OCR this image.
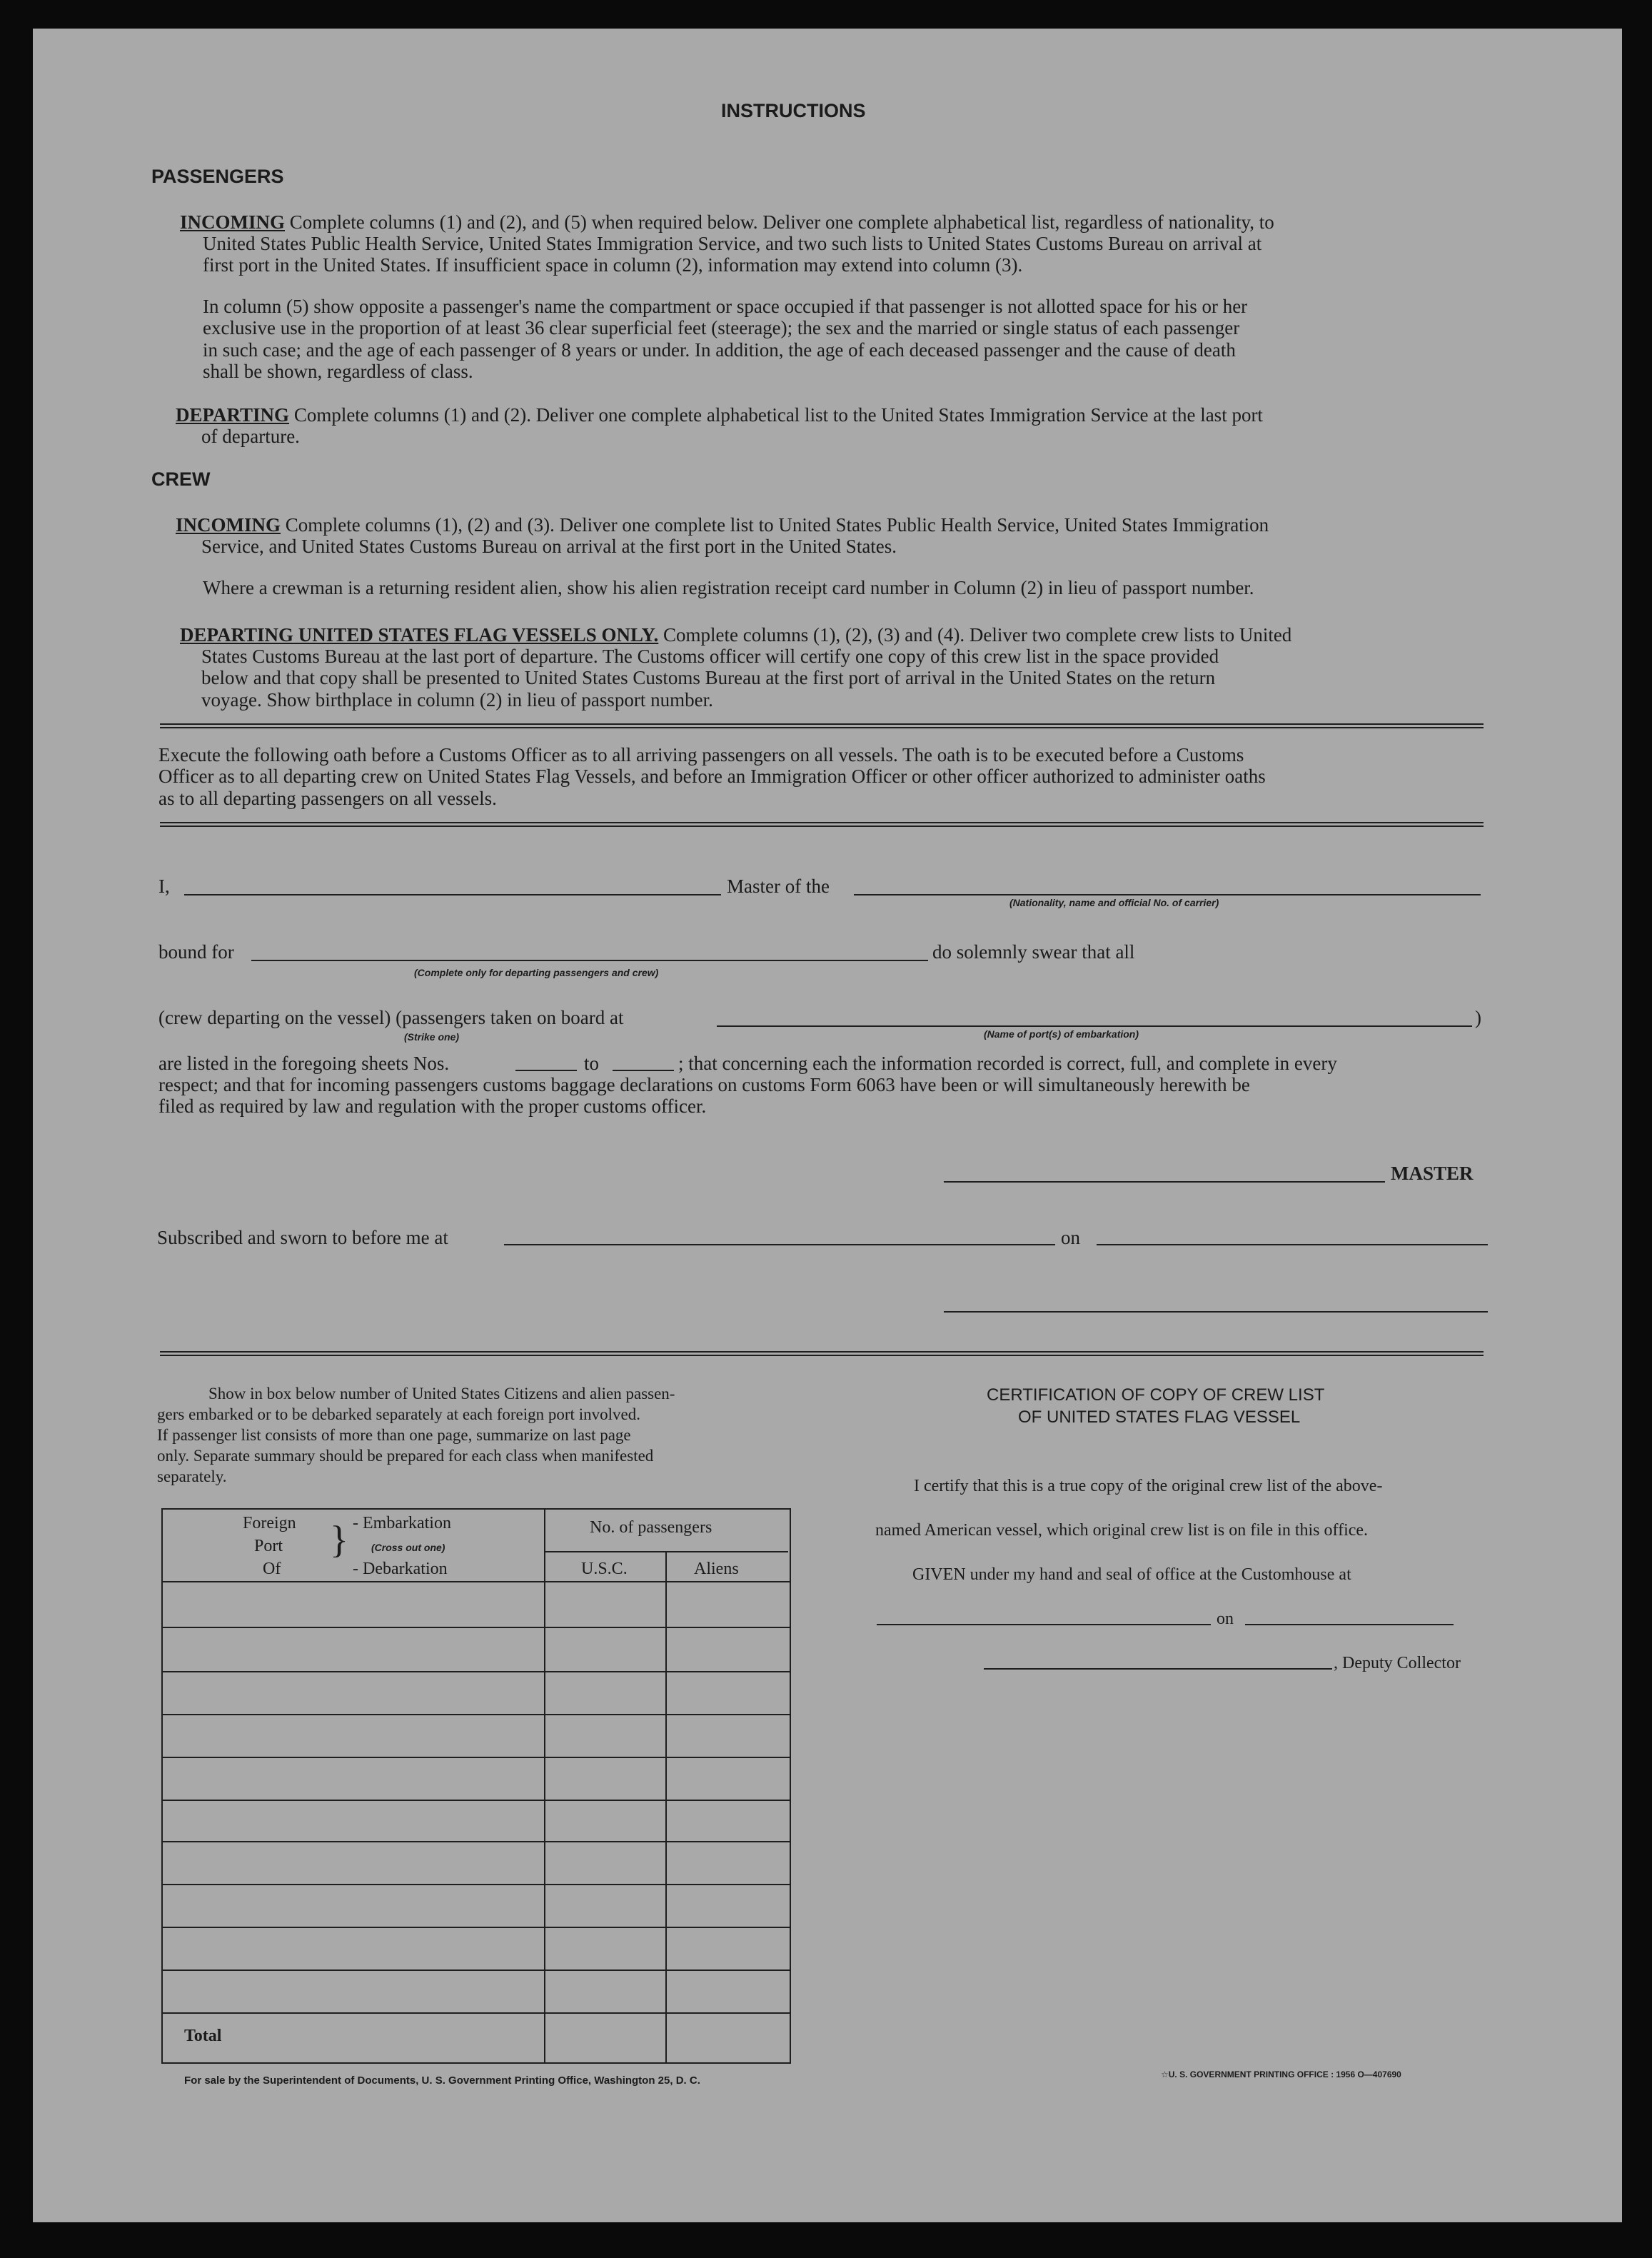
INSTRUCTIONS
PASSENGERS
INCOMING Complete columns (1) and (2), and (5) when required below. Deliver one complete alphabetical list, regardless of nationality, to
United States Public Health Service, United States Immigration Service, and two such lists to United States Customs Bureau on arrival at
first port in the United States. If insufficient space in column (2), information may extend into column (3).
In column (5) show opposite a passenger's name the compartment or space occupied if that passenger is not allotted space for his or her
exclusive use in the proportion of at least 36 clear superficial feet (steerage); the sex and the married or single status of each passenger
in such case; and the age of each passenger of 8 years or under. In addition, the age of each deceased passenger and the cause of death
shall be shown, regardless of class.
DEPARTING Complete columns (1) and (2). Deliver one complete alphabetical list to the United States Immigration Service at the last port
of departure.
CREW
INCOMING Complete columns (1), (2) and (3). Deliver one complete list to United States Public Health Service, United States Immigration
Service, and United States Customs Bureau on arrival at the first port in the United States.
Where a crewman is a returning resident alien, show his alien registration receipt card number in Column (2) in lieu of passport number.
DEPARTING UNITED STATES FLAG VESSELS ONLY. Complete columns (1), (2), (3) and (4). Deliver two complete crew lists to United
States Customs Bureau at the last port of departure. The Customs officer will certify one copy of this crew list in the space provided
below and that copy shall be presented to United States Customs Bureau at the first port of arrival in the United States on the return
voyage. Show birthplace in column (2) in lieu of passport number.
Execute the following oath before a Customs Officer as to all arriving passengers on all vessels. The oath is to be executed before a Customs
Officer as to all departing crew on United States Flag Vessels, and before an Immigration Officer or other officer authorized to administer oaths
as to all departing passengers on all vessels.
I,	Master of the
(Nationality, name and official No. of carrier)
bound for
(Complete only for departing passengers and crew)
do solemnly swear that all
(crew departing on the vessel) (passengers taken on board at
(Strike one)
)
(Name of port(s) of embarkation)
are listed in the foregoing sheets Nos.	to	; that concerning each the information recorded is correct, full, and complete in every
respect; and that for incoming passengers customs baggage declarations on customs Form 6063 have been or will simultaneously herewith be
filed as required by law and regulation with the proper customs officer.
MASTER
Subscribed and sworn to before me at	on
Show in box below number of United States Citizens and alien passen-
gers embarked or to be debarked separately at each foreign port involved.
If passenger list consists of more than one page, summarize on last page
only. Separate summary should be prepared for each class when manifested
separately.
Foreign
Port
Of
} - Embarkation
(Cross out one)
- Debarkation
No. of passengers
U.S.C.	Aliens
Total
CERTIFICATION OF COPY OF CREW LIST
OF UNITED STATES FLAG VESSEL
I certify that this is a true copy of the original crew list of the above-
named American vessel, which original crew list is on file in this office.
GIVEN under my hand and seal of office at the Customhouse at
on
, Deputy Collector
For sale by the Superintendent of Documents, U. S. Government Printing Office, Washington 25, D. C.	☆U. S. GOVERNMENT PRINTING OFFICE : 1956 O—407690
